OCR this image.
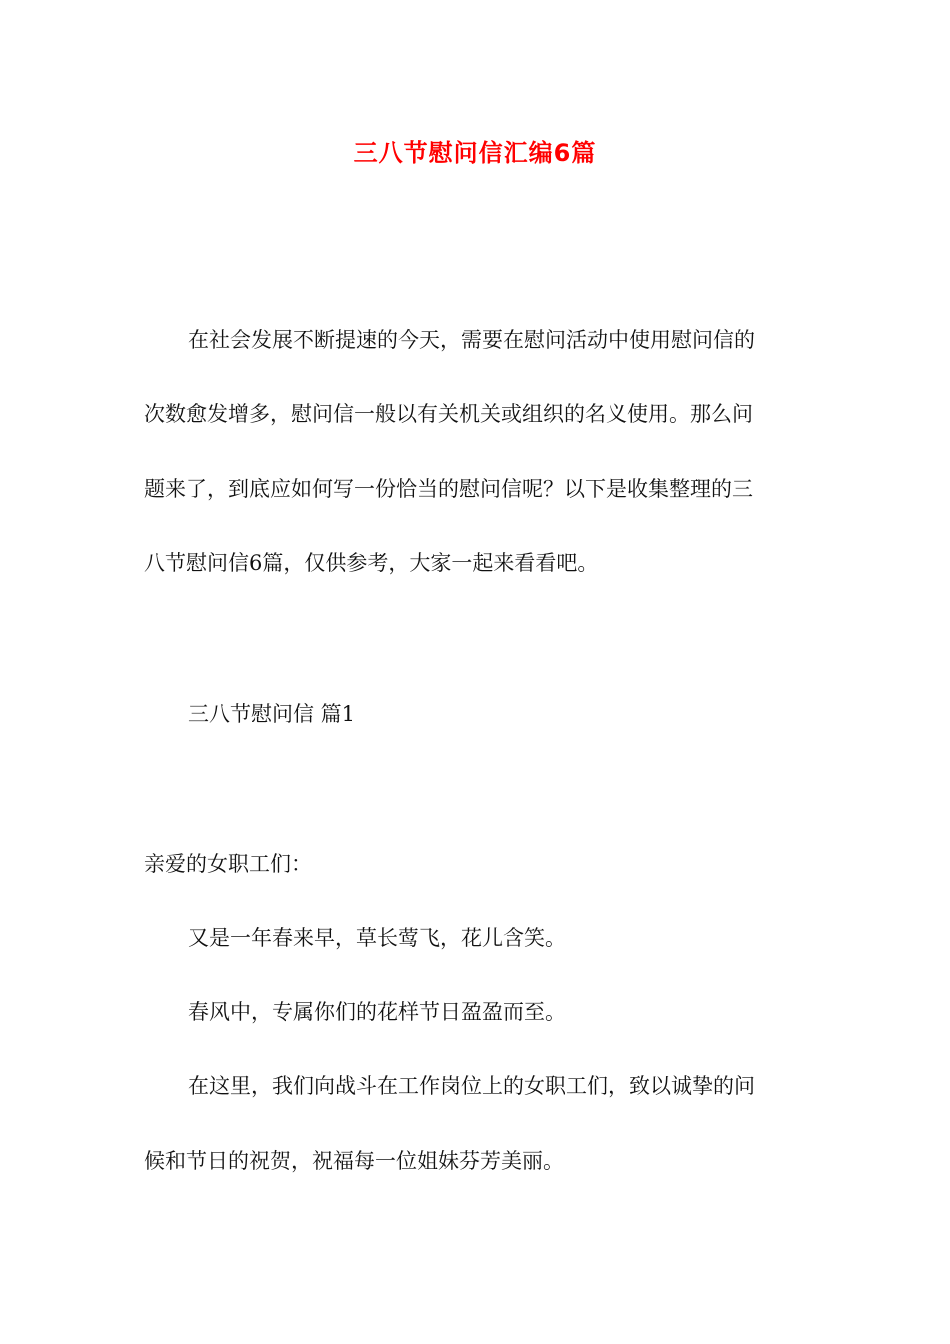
三八节慰问信汇编6篇
在社会发展不断提速的今天，需要在慰问活动中使用慰问信的
次数愈发增多，慰问信一般以有关机关或组织的名义使用。那么问
题来了，到底应如何写一份恰当的慰问信呢？以下是收集整理的三
八节慰问信6篇，仅供参考，大家一起来看看吧。
三八节慰问信 篇1
亲爱的女职工们：
又是一年春来早，草长莺飞，花儿含笑。
春风中，专属你们的花样节日盈盈而至。
在这里，我们向战斗在工作岗位上的女职工们，致以诚挚的问
候和节日的祝贺，祝福每一位姐妹芬芳美丽。
